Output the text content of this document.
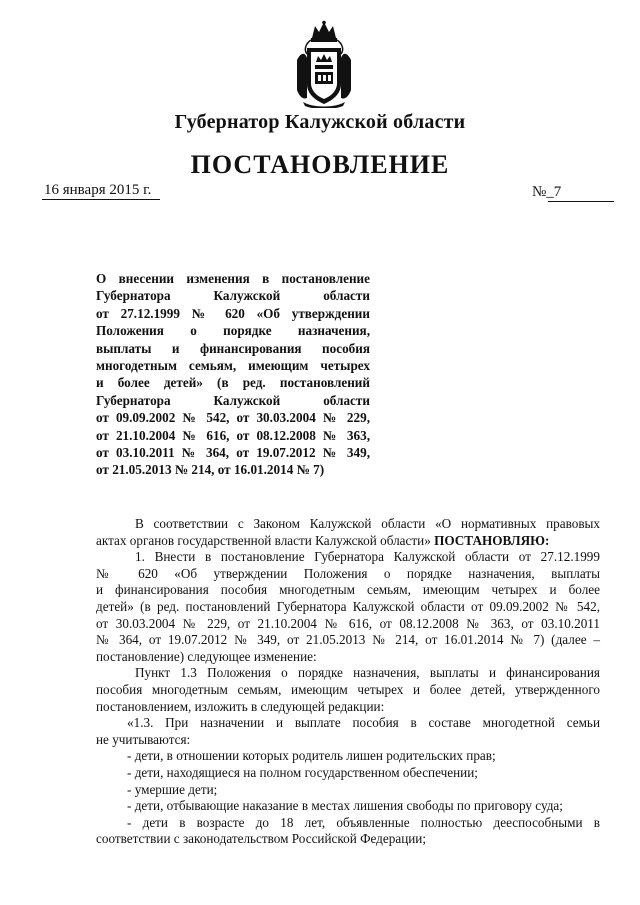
Губернатор Калужской области
ПОСТАНОВЛЕНИЕ
16 января 2015 г.	№_7
О внесении изменения в постановление
Губернатора Калужской области
от 27.12.1999 № 620 «Об утверждении
Положения о порядке назначения,
выплаты и финансирования пособия
многодетным семьям, имеющим четырех
и более детей» (в ред. постановлений
Губернатора Калужской области
от 09.09.2002 № 542, от 30.03.2004 № 229,
от 21.10.2004 № 616, от 08.12.2008 № 363,
от 03.10.2011 № 364, от 19.07.2012 № 349,
от 21.05.2013 № 214, от 16.01.2014 № 7)
В соответствии с Законом Калужской области «О нормативных правовых
актах органов государственной власти Калужской области» ПОСТАНОВЛЯЮ:
1. Внести в постановление Губернатора Калужской области от 27.12.1999
№ 620 «Об утверждении Положения о порядке назначения, выплаты
и финансирования пособия многодетным семьям, имеющим четырех и более
детей» (в ред. постановлений Губернатора Калужской области от 09.09.2002 № 542,
от 30.03.2004 № 229, от 21.10.2004 № 616, от 08.12.2008 № 363, от 03.10.2011
№ 364, от 19.07.2012 № 349, от 21.05.2013 № 214, от 16.01.2014 № 7) (далее –
постановление) следующее изменение:
Пункт 1.3 Положения о порядке назначения, выплаты и финансирования
пособия многодетным семьям, имеющим четырех и более детей, утвержденного
постановлением, изложить в следующей редакции:
«1.3. При назначении и выплате пособия в составе многодетной семьи
не учитываются:
- дети, в отношении которых родитель лишен родительских прав;
- дети, находящиеся на полном государственном обеспечении;
- умершие дети;
- дети, отбывающие наказание в местах лишения свободы по приговору суда;
- дети в возрасте до 18 лет, объявленные полностью дееспособными в
соответствии с законодательством Российской Федерации;
